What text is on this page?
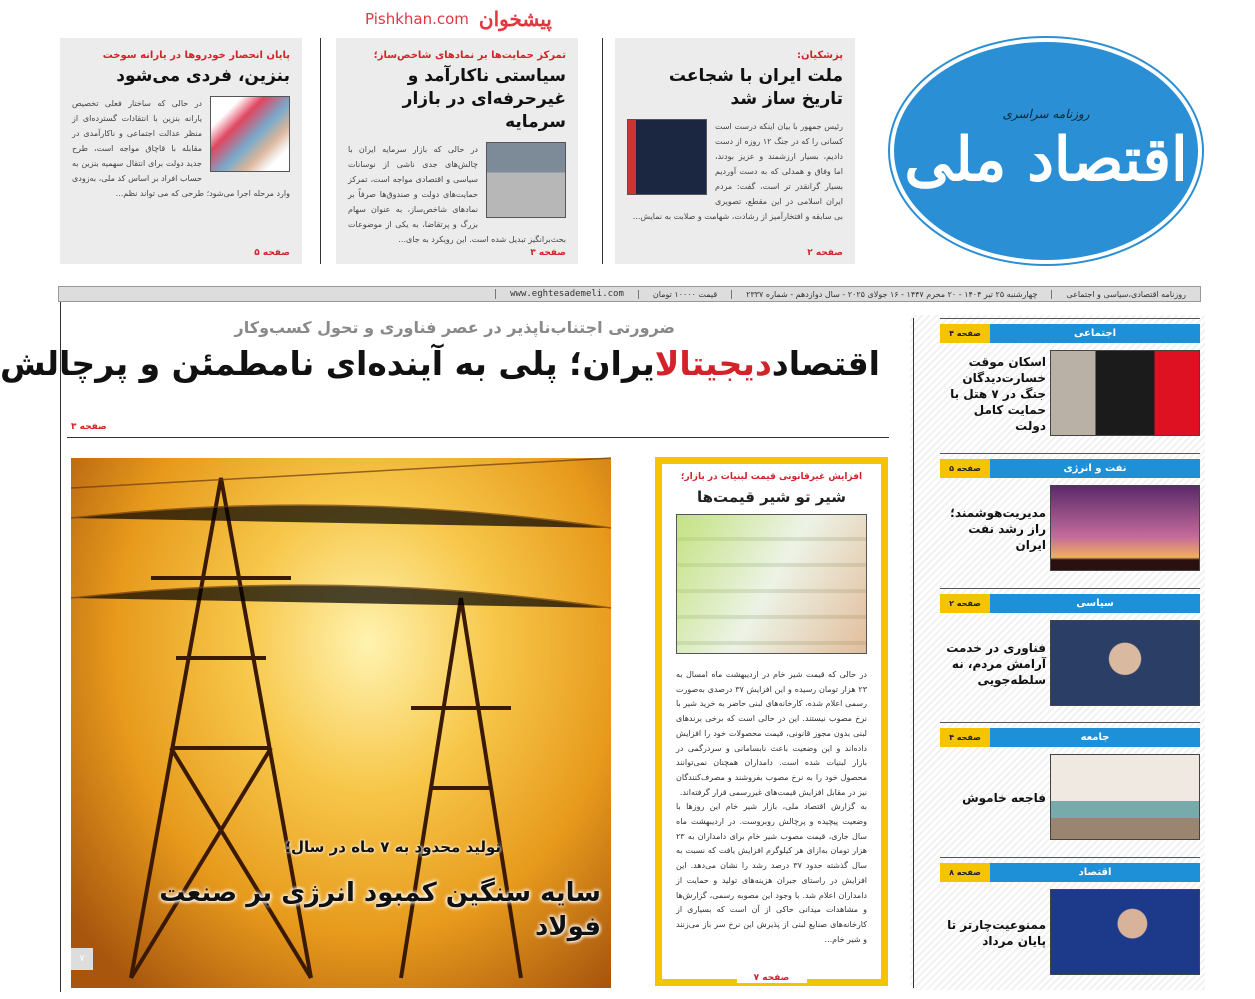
روزنامه سراسری
اقتصاد ملی
پزشکیان:
ملت ایران با شجاعت تاریخ ساز شد
رئیس جمهور با بیان اینکه درست است کسانی را که در جنگ ۱۲ روزه از دست دادیم، بسیار ارزشمند و عزیز بودند، اما وفاق و همدلی که به دست آوردیم بسیار گرانقدر تر است، گفت: مردم ایران اسلامی در این مقطع، تصویری بی سابقه و افتخارآمیز از رشادت، شهامت و صلابت به نمایش...
صفحه ۲
تمرکز حمایت‌ها بر نمادهای شاخص‌ساز؛
سیاستی ناکارآمد و غیرحرفه‌ای در بازار سرمایه
در حالی که بازار سرمایه ایران با چالش‌های جدی ناشی از نوسانات سیاسی و اقتصادی مواجه است، تمرکز حمایت‌های دولت و صندوق‌ها صرفاً بر نمادهای شاخص‌ساز، به عنوان سهام بزرگ و پرتقاضا، به یکی از موضوعات بحث‌برانگیز تبدیل شده است. این رویکرد به جای...
صفحه ۳
پایان انحصار خودروها در یارانه سوخت
بنزین، فردی می‌شود
در حالی که ساختار فعلی تخصیص یارانه بنزین با انتقادات گسترده‌ای از منظر عدالت اجتماعی و ناکارآمدی در مقابله با قاچاق مواجه است، طرح جدید دولت برای انتقال سهمیه بنزین به حساب افراد بر اساس کد ملی، به‌زودی وارد مرحله اجرا می‌شود؛ طرحی که می تواند نظم...
صفحه ۵
پیشخوان
Pishkhan.com
روزنامه اقتصادی،سیاسی و اجتماعی
چهارشنبه ۲۵ تیر ۱۴۰۴ - ۲۰ محرم ۱۴۴۷ - ۱۶ جولای ۲۰۲۵ - سال دوازدهم - شماره ۲۳۳۷
قیمت ۱۰۰۰۰ تومان
www.eghtesademeli.com
ضرورتی اجتناب‌ناپذیر در عصر فناوری و تحول کسب‌وکار
اقتصاددیجیتالایران؛ پلی به آینده‌ای نامطمئن و پرچالش
صفحه ۳
تولید محدود به ۷ ماه در سال؛
سایه سنگین کمبود انرژی بر صنعت فولاد
۷
افزایش غیرقانونی قیمت لبنیات در بازار؛
شیر تو شیر قیمت‌ها

در حالی که قیمت شیر خام در اردیبهشت ماه امسال به ۲۳ هزار تومان رسیده و این افزایش ۳۷ درصدی به‌صورت رسمی اعلام شده، کارخانه‌های لبنی حاضر به خرید شیر با نرخ مصوب نیستند. این در حالی است که برخی برندهای لبنی بدون مجوز قانونی، قیمت محصولات خود را افزایش داده‌اند و این وضعیت باعث نابسامانی و سردرگمی در بازار لبنیات شده است. دامداران همچنان نمی‌توانند محصول خود را به نرخ مصوب بفروشند و مصرف‌کنندگان نیز در مقابل افزایش قیمت‌های غیررسمی قرار گرفته‌اند.

به گزارش اقتصاد ملی، بازار شیر خام این روزها با وضعیت پیچیده و پرچالش روبروست. در اردیبهشت ماه سال جاری، قیمت مصوب شیر خام برای دامداران به ۲۳ هزار تومان به‌ازای هر کیلوگرم افزایش یافت که نسبت به سال گذشته حدود ۳۷ درصد رشد را نشان می‌دهد. این افزایش در راستای جبران هزینه‌های تولید و حمایت از دامداران اعلام شد. با وجود این مصوبه رسمی، گزارش‌ها و مشاهدات میدانی حاکی از آن است که بسیاری از کارخانه‌های صنایع لبنی از پذیرش این نرخ سر باز می‌زنند و شیر خام...

صفحه ۷
اجتماعی
صفحه ۴
اسکان موقت خسارت‌دیدگان جنگ در ۷ هتل با حمایت کامل دولت
نفت و انرژی
صفحه ۵
مدیریت‌هوشمند؛ راز رشد نفت ایران
سیاسی
صفحه ۲
فناوری در خدمت آرامش مردم، نه سلطه‌جویی
جامعه
صفحه ۴
فاجعه خاموش
اقتصاد
صفحه ۸
ممنوعیت‌چارتر تا پایان مرداد
